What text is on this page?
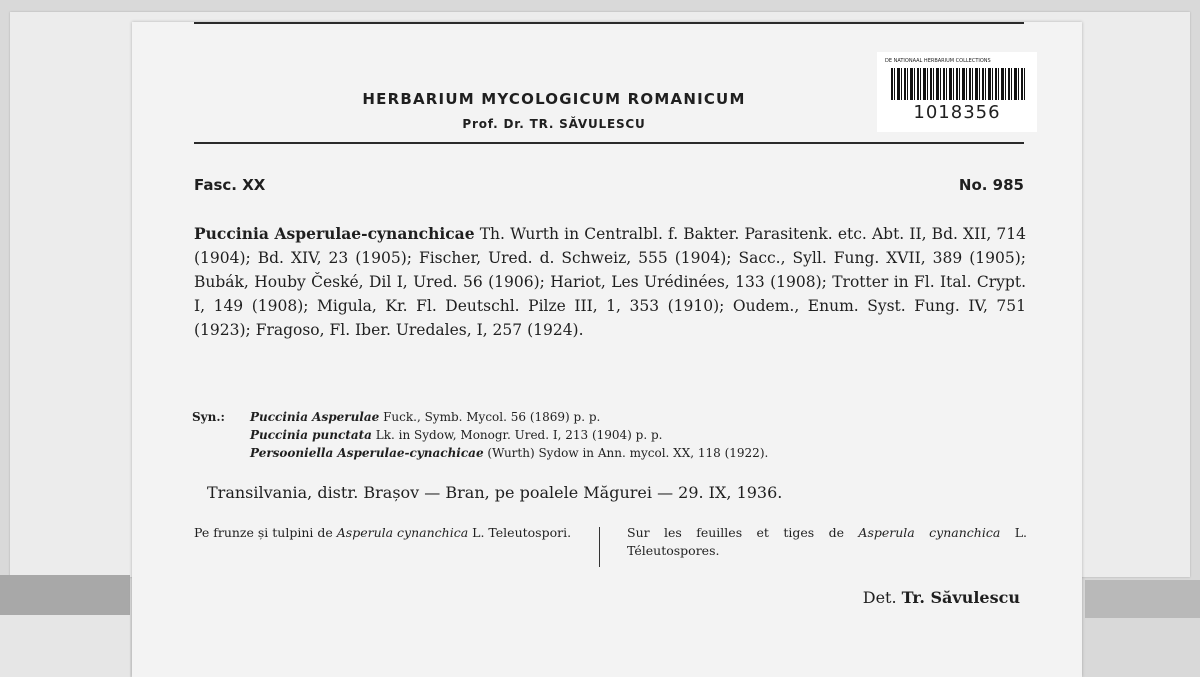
HERBARIUM MYCOLOGICUM ROMANICUM
Prof. Dr. TR. SĂVULESCU
DE NATIONAAL HERBARIUM COLLECTIONS
1018356
Fasc. XX	No. 985
Puccinia Asperulae-cynanchicae Th. Wurth in Centralbl. f. Bakter. Parasitenk. etc. Abt. II, Bd. XII, 714 (1904); Bd. XIV, 23 (1905); Fischer, Ured. d. Schweiz, 555 (1904); Sacc., Syll. Fung. XVII, 389 (1905); Bubák, Houby České, Dil I, Ured. 56 (1906); Hariot, Les Urédinées, 133 (1908); Trotter in Fl. Ital. Crypt. I, 149 (1908); Migula, Kr. Fl. Deutschl. Pilze III, 1, 353 (1910); Oudem., Enum. Syst. Fung. IV, 751 (1923); Fragoso, Fl. Iber. Uredales, I, 257 (1924).
Syn.: Puccinia Asperulae Fuck., Symb. Mycol. 56 (1869) p. p.
Puccinia punctata Lk. in Sydow, Monogr. Ured. I, 213 (1904) p. p.
Persooniella Asperulae-cynachicae (Wurth) Sydow in Ann. mycol. XX, 118 (1922).
Transilvania, distr. Brașov — Bran, pe poalele Măgurei — 29. IX, 1936.
Pe frunze și tulpini de Asperula cynanchica L. Teleutospori.	Sur les feuilles et tiges de Asperula cynanchica L. Téleutospores.
Det. Tr. Săvulescu
